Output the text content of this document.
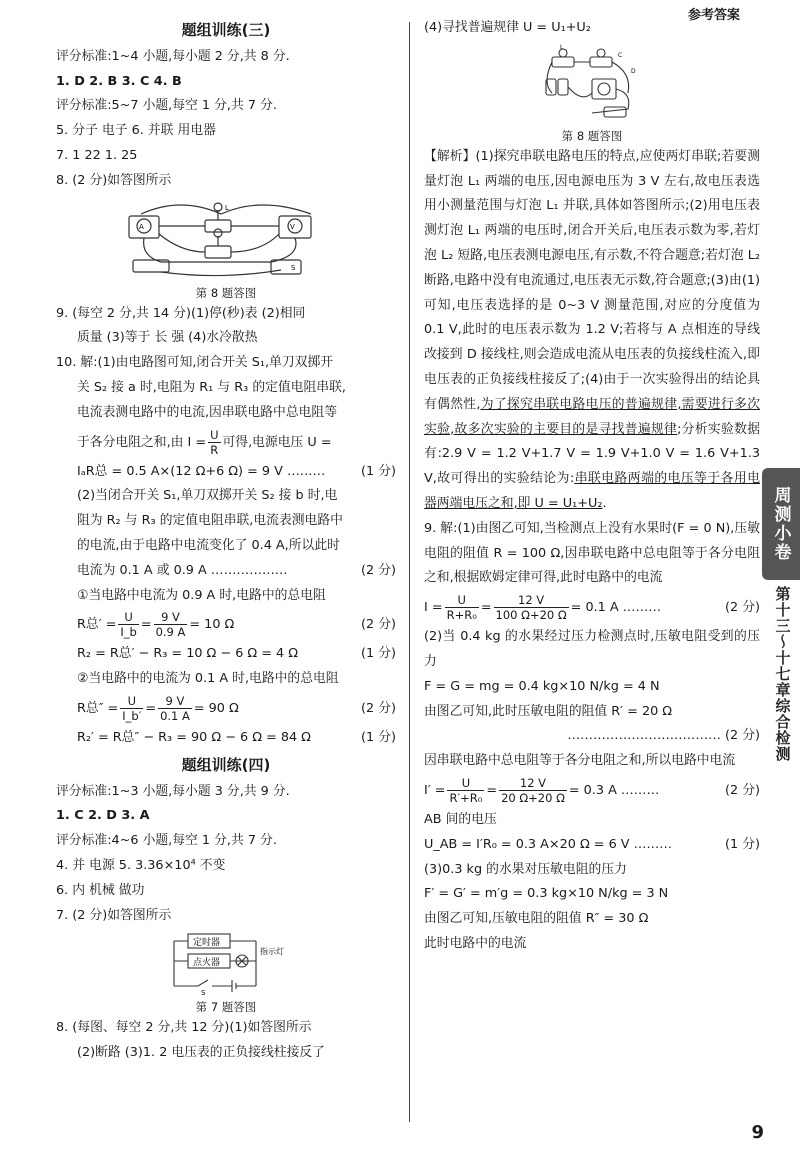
参考答案
题组训练(三)
评分标准:1~4 小题,每小题 2 分,共 8 分.
1. D 2. B 3. C 4. B
评分标准:5~7 小题,每空 1 分,共 7 分.
5. 分子 电子 6. 并联 用电器
7. 1 22 1. 25
8. (2 分)如答图所示
A	V
L
S
第 8 题答图
9. (每空 2 分,共 14 分)(1)停(秒)表 (2)相同
质量 (3)等于 长 强 (4)水冷散热
10. 解:(1)由电路图可知,闭合开关 S₁,单刀双掷开
关 S₂ 接 a 时,电阻为 R₁ 与 R₃ 的定值电阻串联,
电流表测电路中的电流,因串联电路中总电阻等
于各分电阻之和,由 $I = \frac{U}{R}$ 可得,电源电压 U =
IₐR总 = 0.5 A×(12 Ω+6 Ω) = 9 V ………	(1 分)
(2)当闭合开关 S₁,单刀双掷开关 S₂ 接 b 时,电
阻为 R₂ 与 R₃ 的定值电阻串联,电流表测电路中
的电流,由于电路中电流变化了 0.4 A,所以此时
电流为 0.1 A 或 0.9 A ………………	(2 分)
①当电路中电流为 0.9 A 时,电路中的总电阻
R总′ = $\frac{U}{I\_b} = \frac{9 V}{0.9 A} = 10$ Ω	(2 分)
R₂ = R总′ − R₃ = 10 Ω − 6 Ω = 4 Ω	(1 分)
②当电路中的电流为 0.1 A 时,电路中的总电阻
R总″ = $\frac{U}{I\_b'} = \frac{9 V}{0.1 A} = 90$ Ω	(2 分)
R₂′ = R总″ − R₃ = 90 Ω − 6 Ω = 84 Ω	(1 分)
题组训练(四)
评分标准:1~3 小题,每小题 3 分,共 9 分.
1. C 2. D 3. A
评分标准:4~6 小题,每空 1 分,共 7 分.
4. 并 电源 5. 3.36×10⁴ 不变
6. 内 机械 做功
7. (2 分)如答图所示
定时器
点火器
指示灯
S
第 7 题答图
8. (每图、每空 2 分,共 12 分)(1)如答图所示
(2)断路 (3)1. 2 电压表的正负接线柱接反了
(4)寻找普遍规律 U = U₁+U₂
L
C
D
第 8 题答图
【解析】(1)探究串联电路电压的特点,应使两灯串联;若要测量灯泡 L₁ 两端的电压,因电源电压为 3 V 左右,故电压表选用小测量范围与灯泡 L₁ 并联,具体如答图所示;(2)用电压表测灯泡 L₁ 两端的电压时,闭合开关后,电压表示数为零,若灯泡 L₂ 短路,电压表测电源电压,有示数,不符合题意;若灯泡 L₂ 断路,电路中没有电流通过,电压表无示数,符合题意;(3)由(1)可知,电压表选择的是 0~3 V 测量范围,对应的分度值为 0.1 V,此时的电压表示数为 1.2 V;若将与 A 点相连的导线改接到 D 接线柱,则会造成电流从电压表的负接线柱流入,即电压表的正负接线柱接反了;(4)由于一次实验得出的结论具有偶然性,为了探究串联电路电压的普遍规律,需要进行多次实验,故多次实验的主要目的是寻找普遍规律;分析实验数据有:2.9 V = 1.2 V+1.7 V = 1.9 V+1.0 V = 1.6 V+1.3 V,故可得出的实验结论为:串联电路两端的电压等于各用电器两端电压之和,即 U = U₁+U₂.
9. 解:(1)由图乙可知,当检测点上没有水果时(F = 0 N),压敏电阻的阻值 R = 100 Ω,因串联电路中总电阻等于各分电阻之和,根据欧姆定律可得,此时电路中的电流
$I = \frac{U}{\text{R+R₀}} = \frac{12 V}{100 \Omega+20 \Omega} = 0.1$ A ………	(2 分)
(2)当 0.4 kg 的水果经过压力检测点时,压敏电阻受到的压力
F = G = mg = 0.4 kg×10 N/kg = 4 N
由图乙可知,此时压敏电阻的阻值 R′ = 20 Ω
……………………………… (2 分)
因串联电路中总电阻等于各分电阻之和,所以电路中电流
$I' = \frac{U}{\text{R′+R₀}} = \frac{12 V}{20 \Omega+20 \Omega} = 0.3$ A ………	(2 分)
AB 间的电压
U_AB = I′R₀ = 0.3 A×20 Ω = 6 V ………	(1 分)
(3)0.3 kg 的水果对压敏电阻的压力
F′ = G′ = m′g = 0.3 kg×10 N/kg = 3 N
由图乙可知,压敏电阻的阻值 R″ = 30 Ω
此时电路中的电流
周测小卷
第十三～十七章综合检测
9
